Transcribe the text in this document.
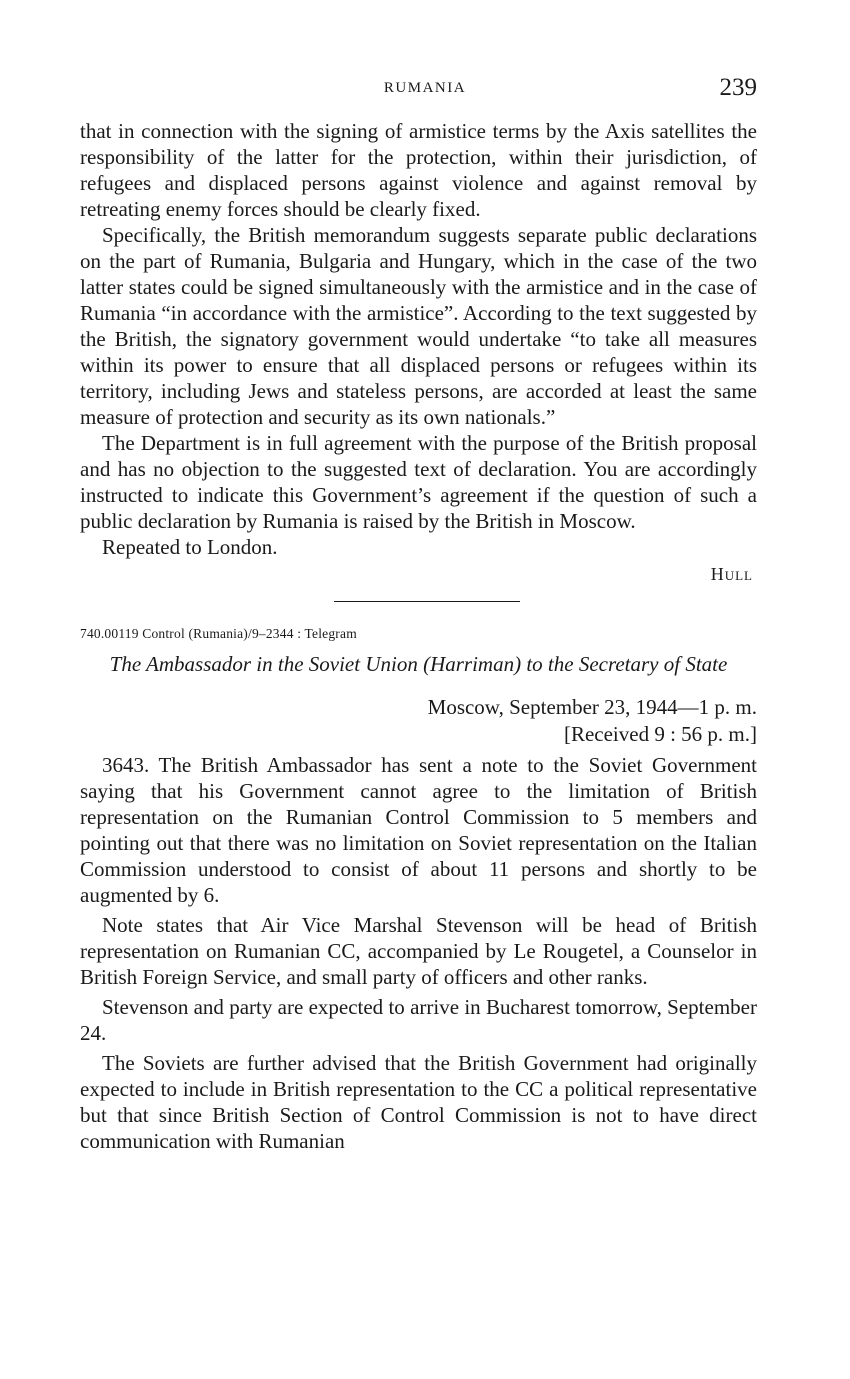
RUMANIA	239

that in connection with the signing of armistice terms by the Axis satellites the responsibility of the latter for the protection, within their jurisdiction, of refugees and displaced persons against violence and against removal by retreating enemy forces should be clearly fixed.

Specifically, the British memorandum suggests separate public declarations on the part of Rumania, Bulgaria and Hungary, which in the case of the two latter states could be signed simultaneously with the armistice and in the case of Rumania “in accordance with the armistice”. According to the text suggested by the British, the signatory government would undertake “to take all measures within its power to ensure that all displaced persons or refugees within its territory, including Jews and stateless persons, are accorded at least the same measure of protection and security as its own nationals.”

The Department is in full agreement with the purpose of the British proposal and has no objection to the suggested text of declaration. You are accordingly instructed to indicate this Government’s agreement if the question of such a public declaration by Rumania is raised by the British in Moscow.

Repeated to London.

Hull
740.00119 Control (Rumania)/9–2344 : Telegram
The Ambassador in the Soviet Union (Harriman) to the Secretary of State
Moscow, September 23, 1944—1 p. m.
[Received 9 : 56 p. m.]

3643. The British Ambassador has sent a note to the Soviet Government saying that his Government cannot agree to the limitation of British representation on the Rumanian Control Commission to 5 members and pointing out that there was no limitation on Soviet representation on the Italian Commission understood to consist of about 11 persons and shortly to be augmented by 6.

Note states that Air Vice Marshal Stevenson will be head of British representation on Rumanian CC, accompanied by Le Rougetel, a Counselor in British Foreign Service, and small party of officers and other ranks.

Stevenson and party are expected to arrive in Bucharest tomorrow, September 24.

The Soviets are further advised that the British Government had originally expected to include in British representation to the CC a political representative but that since British Section of Control Commission is not to have direct communication with Rumanian
